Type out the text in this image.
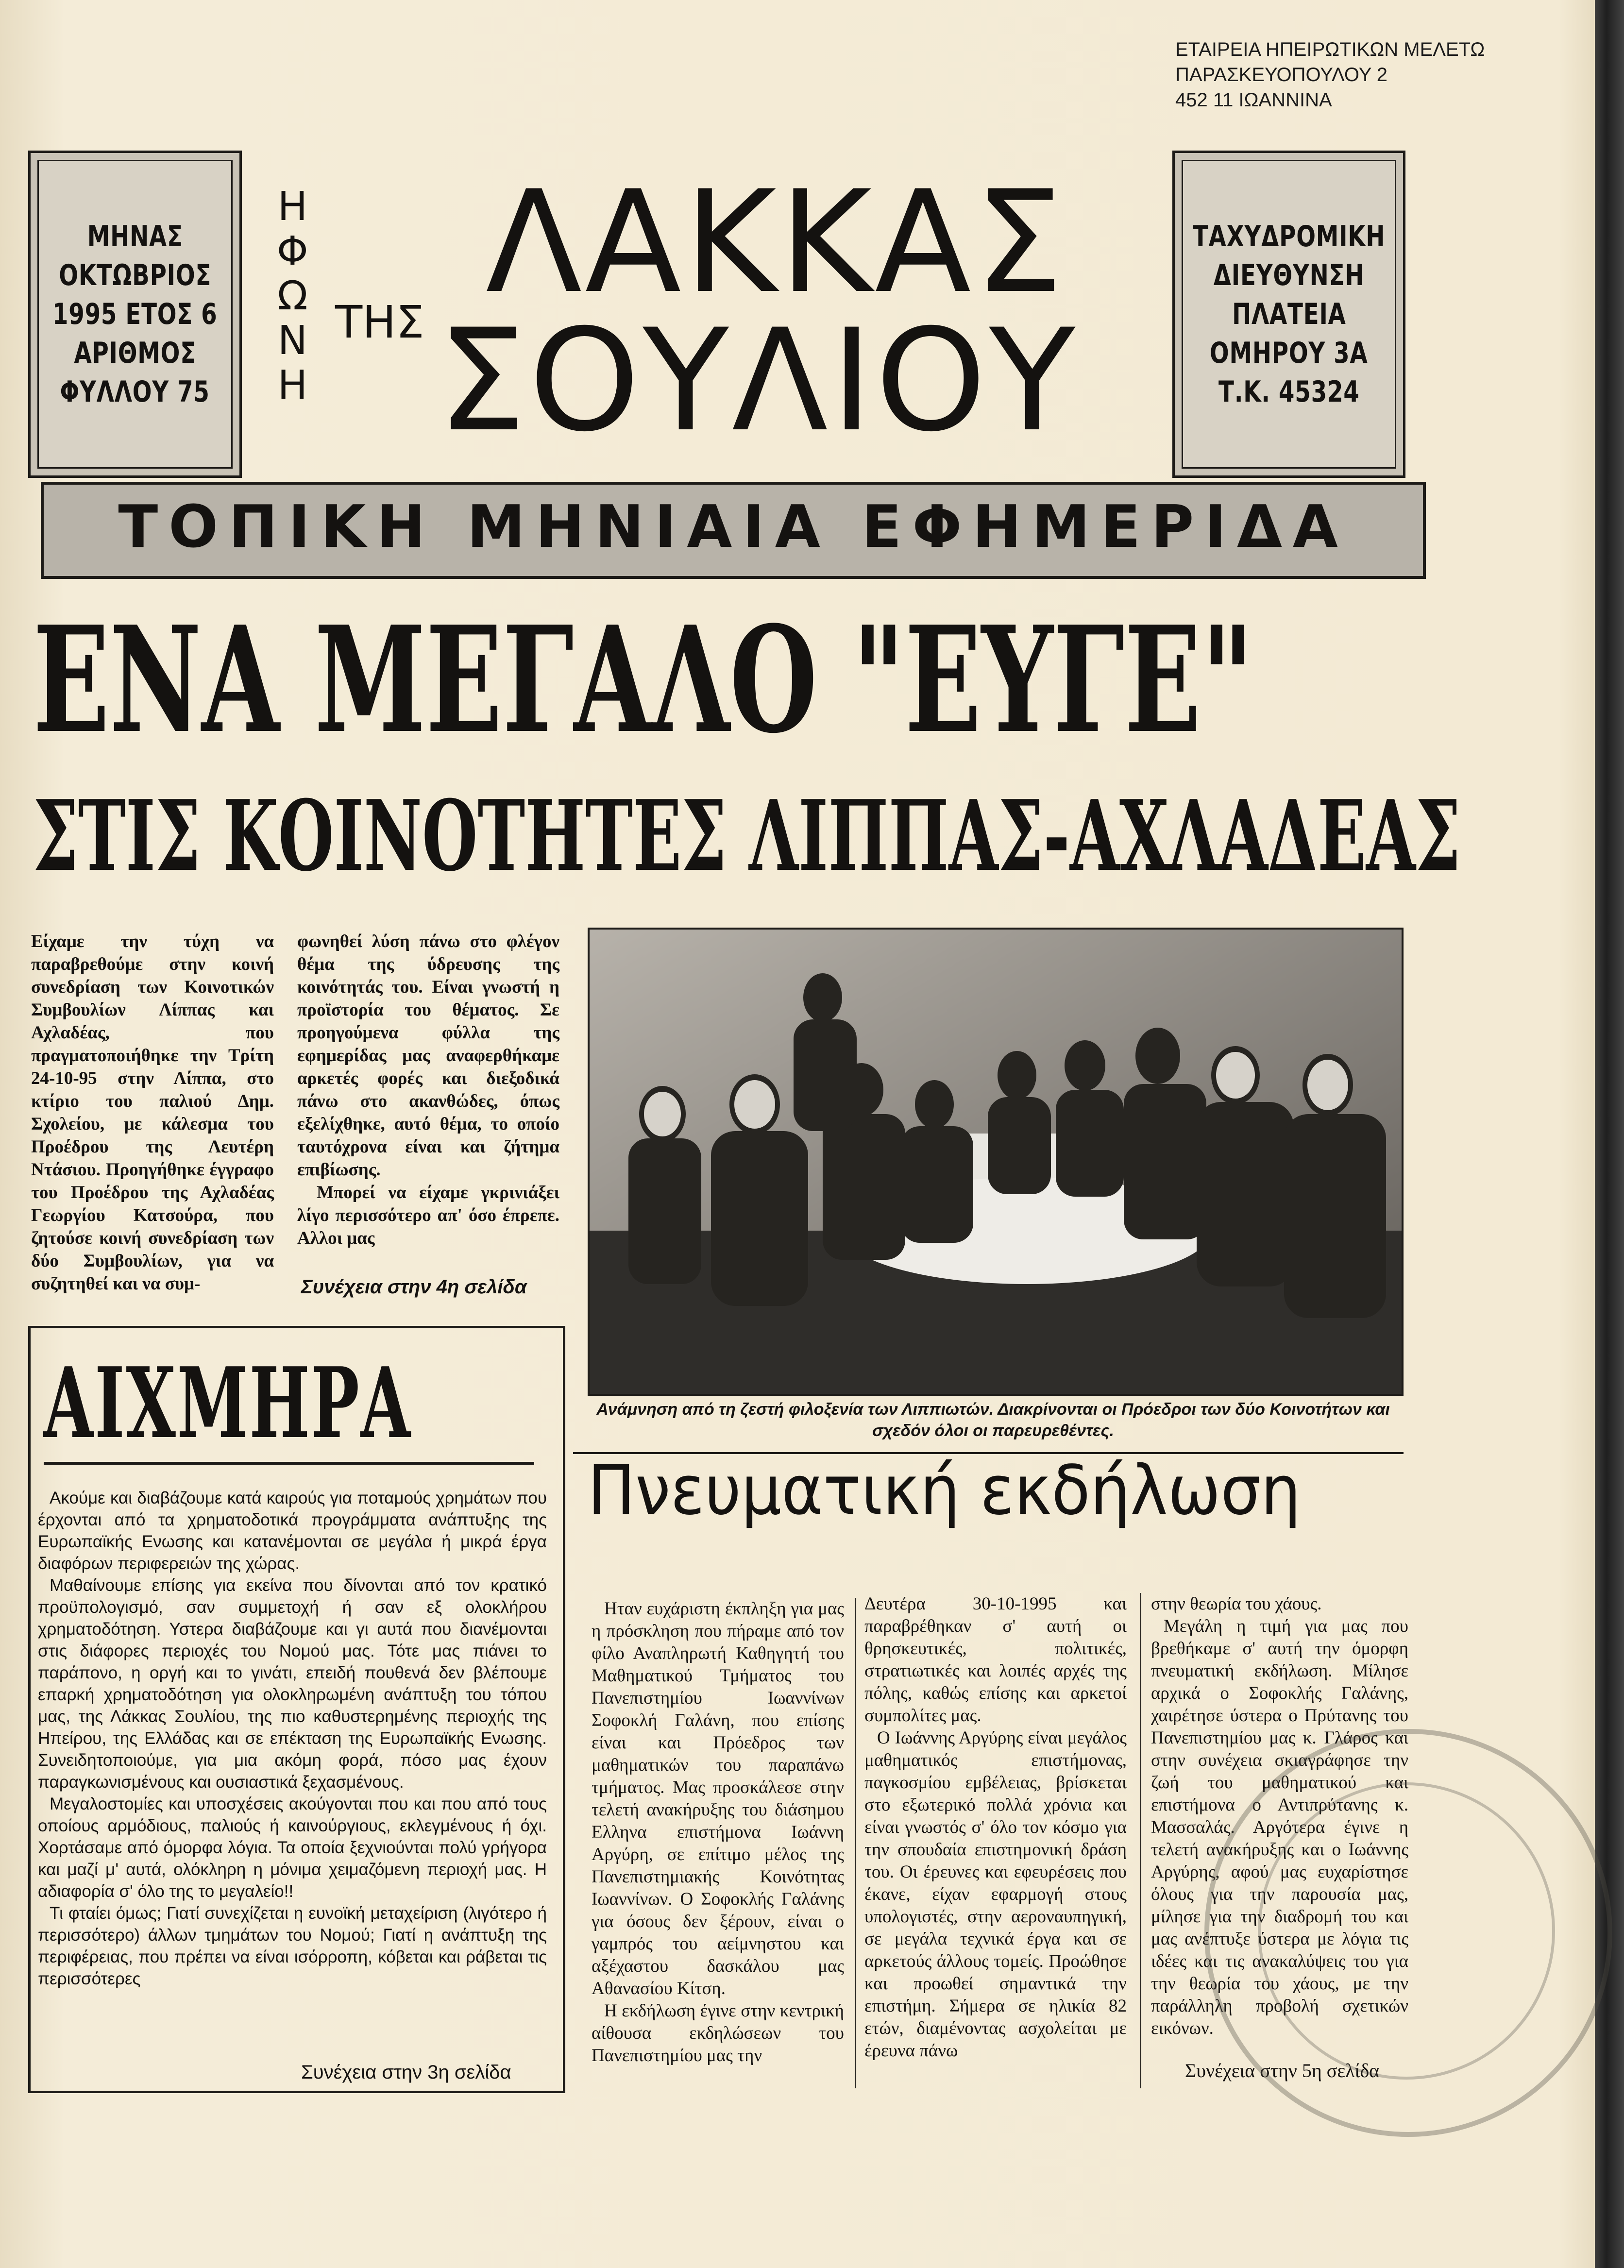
ΕΤΑΙΡΕΙΑ ΗΠΕΙΡΩΤΙΚΩΝ ΜΕΛΕΤΩ
ΠΑΡΑΣΚΕΥΟΠΟΥΛΟΥ 2
452 11 ΙΩΑΝΝΙΝΑ
ΜΗΝΑΣ
ΟΚΤΩΒΡΙΟΣ
1995 ΕΤΟΣ 6
ΑΡΙΘΜΟΣ
ΦΥΛΛΟΥ 75
Η
Φ
Ω
Ν
Η
ΤΗΣ ΛΑΚΚΑΣ
ΣΟΥΛΙΟΥ
ΤΑΧΥΔΡΟΜΙΚΗ
ΔΙΕΥΘΥΝΣΗ
ΠΛΑΤΕΙΑ
ΟΜΗΡΟΥ 3Α
Τ.Κ. 45324
ΤΟΠΙΚΗ ΜΗΝΙΑΙΑ ΕΦΗΜΕΡΙΔΑ
ΕΝΑ ΜΕΓΑΛΟ "ΕΥΓΕ"
ΣΤΙΣ ΚΟΙΝΟΤΗΤΕΣ ΛΙΠΠΑΣ-ΑΧΛΑΔΕΑΣ

Είχαμε την τύχη να παραβρεθούμε στην κοινή συνεδρίαση των Κοινοτικών Συμβουλίων Λίππας και Αχλαδέας, που πραγματοποιήθηκε την Τρίτη 24-10-95 στην Λίππα, στο κτίριο του παλιού Δημ. Σχολείου, με κάλεσμα του Προέδρου της Λευτέρη Ντάσιου. Προηγήθηκε έγγραφο του Προέδρου της Αχλαδέας Γεωργίου Κατσούρα, που ζητούσε κοινή συνεδρίαση των δύο Συμβουλίων, για να συζητηθεί και να συμ-

φωνηθεί λύση πάνω στο φλέγον θέμα της ύδρευσης της κοινότητάς του. Είναι γνωστή η προϊστορία του θέματος. Σε προηγούμενα φύλλα της εφημερίδας μας αναφερθήκαμε αρκετές φορές και διεξοδικά πάνω στο ακανθώδες, όπως εξελίχθηκε, αυτό θέμα, το οποίο ταυτόχρονα είναι και ζήτημα επιβίωσης.

Μπορεί να είχαμε γκρινιάξει λίγο περισσότερο απ' όσο έπρεπε. Αλλοι μας

Συνέχεια στην 4η σελίδα
Ανάμνηση από τη ζεστή φιλοξενία των Λιππιωτών. Διακρίνονται οι Πρόεδροι των δύο Κοινοτήτων και σχεδόν όλοι οι παρευρεθέντες.
ΑΙΧΜΗΡΑ

Ακούμε και διαβάζουμε κατά καιρούς για ποταμούς χρημάτων που έρχονται από τα χρηματοδοτικά προγράμματα ανάπτυξης της Ευρωπαϊκής Ενωσης και κατανέμονται σε μεγάλα ή μικρά έργα διαφόρων περιφερειών της χώρας.

Μαθαίνουμε επίσης για εκείνα που δίνονται από τον κρατικό προϋπολογισμό, σαν συμμετοχή ή σαν εξ ολοκλήρου χρηματοδότηση. Υστερα διαβάζουμε και γι αυτά που διανέμονται στις διάφορες περιοχές του Νομού μας. Τότε μας πιάνει το παράπονο, η οργή και το γινάτι, επειδή πουθενά δεν βλέπουμε επαρκή χρηματοδότηση για ολοκληρωμένη ανάπτυξη του τόπου μας, της Λάκκας Σουλίου, της πιο καθυστερημένης περιοχής της Ηπείρου, της Ελλάδας και σε επέκταση της Ευρωπαϊκής Ενωσης. Συνειδητοποιούμε, για μια ακόμη φορά, πόσο μας έχουν παραγκωνισμένους και ουσιαστικά ξεχασμένους.

Μεγαλοστομίες και υποσχέσεις ακούγονται που και που από τους οποίους αρμόδιους, παλιούς ή καινούργιους, εκλεγμένους ή όχι. Χορτάσαμε από όμορφα λόγια. Τα οποία ξεχνιούνται πολύ γρήγορα και μαζί μ' αυτά, ολόκληρη η μόνιμα χειμαζόμενη περιοχή μας. Η αδιαφορία σ' όλο της το μεγαλείο!!

Τι φταίει όμως; Γιατί συνεχίζεται η ευνοϊκή μεταχείριση (λιγότερο ή περισσότερο) άλλων τμημάτων του Νομού; Γιατί η ανάπτυξη της περιφέρειας, που πρέπει να είναι ισόρροπη, κόβεται και ράβεται τις περισσότερες

Συνέχεια στην 3η σελίδα
Πνευματική εκδήλωση

Ηταν ευχάριστη έκπληξη για μας η πρόσκληση που πήραμε από τον φίλο Αναπληρωτή Καθηγητή του Μαθηματικού Τμήματος του Πανεπιστημίου Ιωαννίνων Σοφοκλή Γαλάνη, που επίσης είναι και Πρόεδρος των μαθηματικών του παραπάνω τμήματος. Μας προσκάλεσε στην τελετή ανακήρυξης του διάσημου Ελληνα επιστήμονα Ιωάννη Αργύρη, σε επίτιμο μέλος της Πανεπιστημιακής Κοινότητας Ιωαννίνων. Ο Σοφοκλής Γαλάνης για όσους δεν ξέρουν, είναι ο γαμπρός του αείμνηστου και αξέχαστου δασκάλου μας Αθανασίου Κίτση.

Η εκδήλωση έγινε στην κεντρική αίθουσα εκδηλώσεων του Πανεπιστημίου μας την

Δευτέρα 30-10-1995 και παραβρέθηκαν σ' αυτή οι θρησκευτικές, πολιτικές, στρατιωτικές και λοιπές αρχές της πόλης, καθώς επίσης και αρκετοί συμπολίτες μας.

Ο Ιωάννης Αργύρης είναι μεγάλος μαθηματικός επιστήμονας, παγκοσμίου εμβέλειας, βρίσκεται στο εξωτερικό πολλά χρόνια και είναι γνωστός σ' όλο τον κόσμο για την σπουδαία επιστημονική δράση του. Οι έρευνες και εφευρέσεις που έκανε, είχαν εφαρμογή στους υπολογιστές, στην αεροναυπηγική, σε μεγάλα τεχνικά έργα και σε αρκετούς άλλους τομείς. Προώθησε και προωθεί σημαντικά την επιστήμη. Σήμερα σε ηλικία 82 ετών, διαμένοντας ασχολείται με έρευνα πάνω

στην θεωρία του χάους.

Μεγάλη η τιμή για μας που βρεθήκαμε σ' αυτή την όμορφη πνευματική εκδήλωση. Μίλησε αρχικά ο Σοφοκλής Γαλάνης, χαιρέτησε ύστερα ο Πρύτανης του Πανεπιστημίου μας κ. Γλάρος και στην συνέχεια σκιαγράφησε την ζωή του μαθηματικού και επιστήμονα ο Αντιπρύτανης κ. Μασσαλάς. Αργότερα έγινε η τελετή ανακήρυξης και ο Ιωάννης Αργύρης, αφού μας ευχαρίστησε όλους για την παρουσία μας, μίλησε για την διαδρομή του και μας ανέπτυξε ύστερα με λόγια τις ιδέες και τις ανακαλύψεις του για την θεωρία του χάους, με την παράλληλη προβολή σχετικών εικόνων.

Συνέχεια στην 5η σελίδα
